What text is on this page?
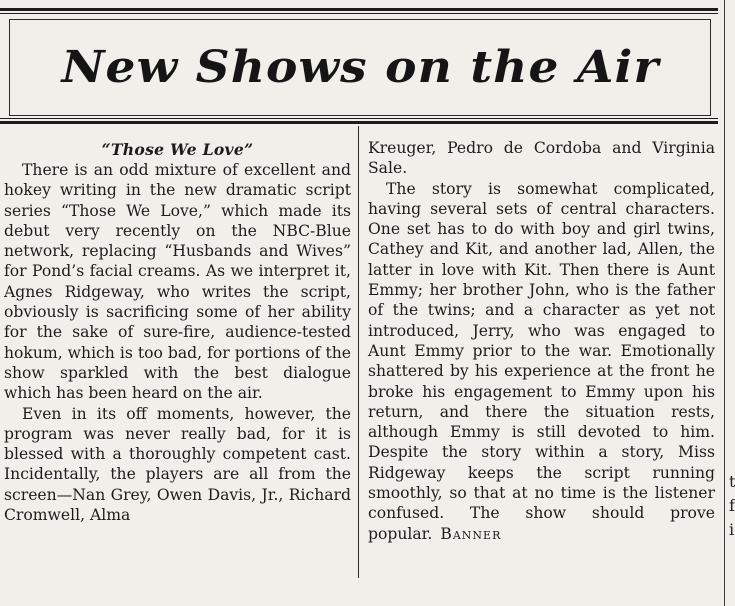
New Shows on the Air
“Those We Love”

There is an odd mixture of excellent and hokey writing in the new dramatic script series “Those We Love,” which made its debut very recently on the NBC-Blue network, replacing “Husbands and Wives” for Pond’s facial creams. As we interpret it, Agnes Ridgeway, who writes the script, obviously is sacrificing some of her ability for the sake of sure-fire, audience-tested hokum, which is too bad, for portions of the show sparkled with the best dialogue which has been heard on the air.

Even in its off moments, however, the program was never really bad, for it is blessed with a thoroughly competent cast. Incidentally, the players are all from the screen—Nan Grey, Owen Davis, Jr., Richard Cromwell, Alma

Kreuger, Pedro de Cordoba and Virginia Sale.

The story is somewhat complicated, having several sets of central characters. One set has to do with boy and girl twins, Cathey and Kit, and another lad, Allen, the latter in love with Kit. Then there is Aunt Emmy; her brother John, who is the father of the twins; and a character as yet not introduced, Jerry, who was engaged to Aunt Emmy prior to the war. Emotionally shattered by his experience at the front he broke his engagement to Emmy upon his return, and there the situation rests, although Emmy is still devoted to him. Despite the story within a story, Miss Ridgeway keeps the script running smoothly, so that at no time is the listener confused. The show should prove popular. Banner

t f i
